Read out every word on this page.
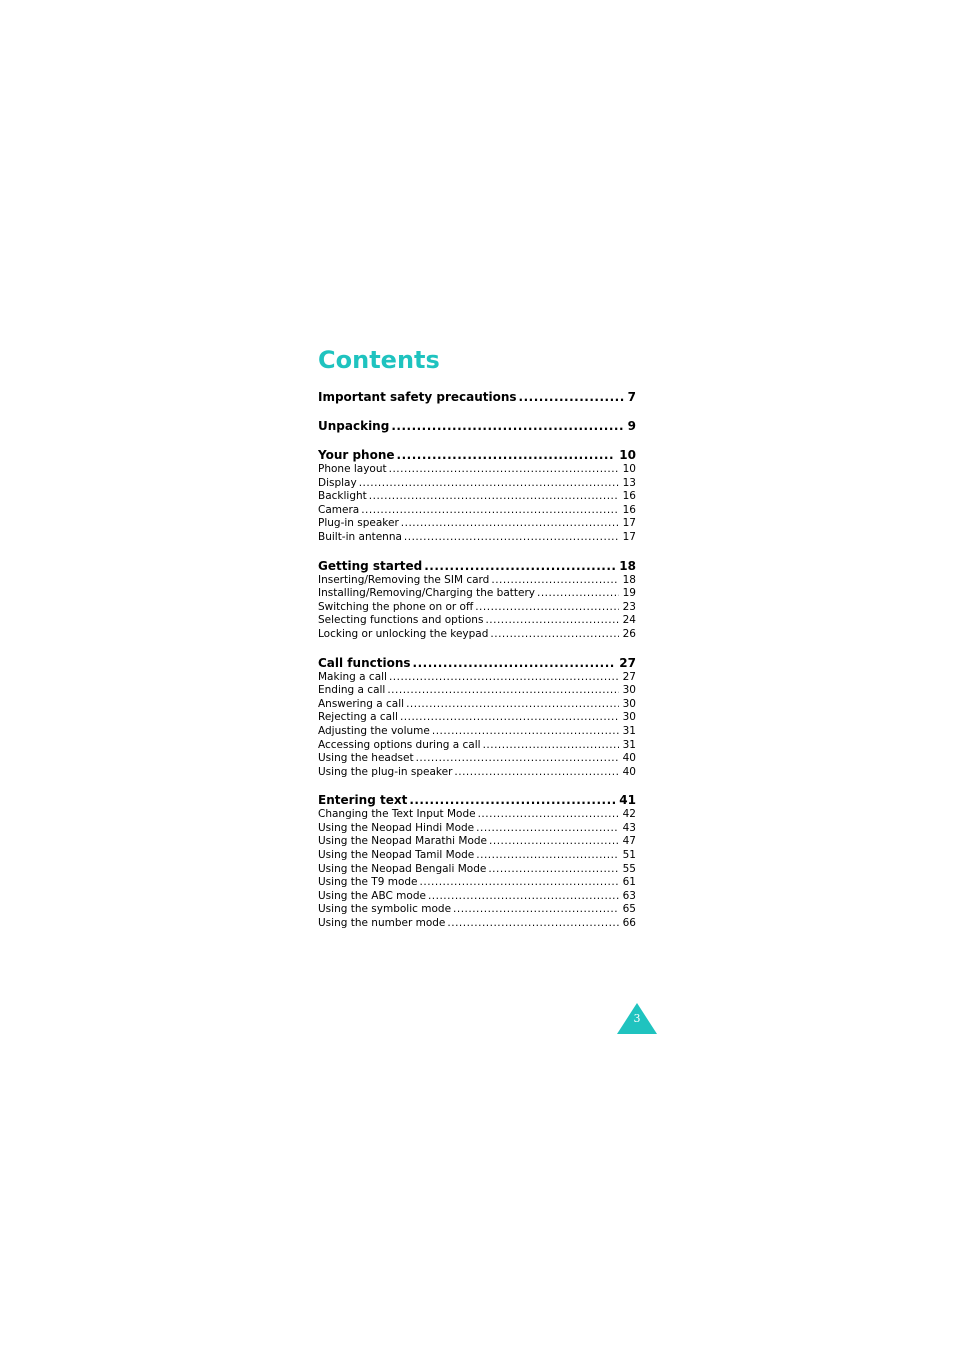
Contents
Important safety precautions .....	7
Unpacking .....	9
Your phone .....	10
Phone layout .....	10
Display .....	13
Backlight .....	16
Camera .....	16
Plug-in speaker .....	17
Built-in antenna .....	17
Getting started .....	18
Inserting/Removing the SIM card .....	18
Installing/Removing/Charging the battery .....	19
Switching the phone on or off .....	23
Selecting functions and options .....	24
Locking or unlocking the keypad .....	26
Call functions .....	27
Making a call .....	27
Ending a call .....	30
Answering a call .....	30
Rejecting a call .....	30
Adjusting the volume .....	31
Accessing options during a call .....	31
Using the headset .....	40
Using the plug-in speaker .....	40
Entering text .....	41
Changing the Text Input Mode .....	42
Using the Neopad Hindi Mode .....	43
Using the Neopad Marathi Mode .....	47
Using the Neopad Tamil Mode .....	51
Using the Neopad Bengali Mode .....	55
Using the T9 mode .....	61
Using the ABC mode .....	63
Using the symbolic mode .....	65
Using the number mode .....	66
3
